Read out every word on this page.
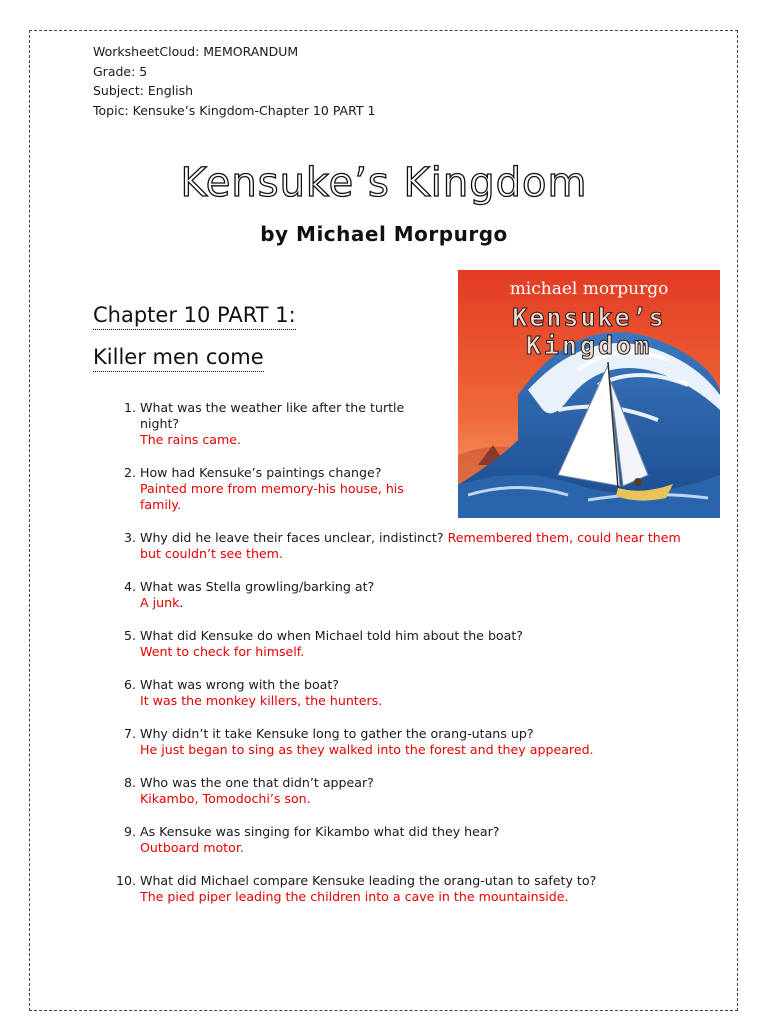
WorksheetCloud: MEMORANDUM
Grade: 5
Subject: English
Topic: Kensuke’s Kingdom-Chapter 10 PART 1
Kensuke’s Kingdom
by Michael Morpurgo
Chapter 10 PART 1:
Killer men come
michael morpurgo
Kensuke’s
Kingdom
1. What was the weather like after the turtle night?
The rains came.
2. How had Kensuke’s paintings change?
Painted more from memory-his house, his family.
3. Why did he leave their faces unclear, indistinct? Remembered them, could hear them but couldn’t see them.
4. What was Stella growling/barking at?
A junk.
5. What did Kensuke do when Michael told him about the boat?
Went to check for himself.
6. What was wrong with the boat?
It was the monkey killers, the hunters.
7. Why didn’t it take Kensuke long to gather the orang-utans up?
He just began to sing as they walked into the forest and they appeared.
8. Who was the one that didn’t appear?
Kikambo, Tomodochi’s son.
9. As Kensuke was singing for Kikambo what did they hear?
Outboard motor.
10. What did Michael compare Kensuke leading the orang-utan to safety to?
The pied piper leading the children into a cave in the mountainside.
